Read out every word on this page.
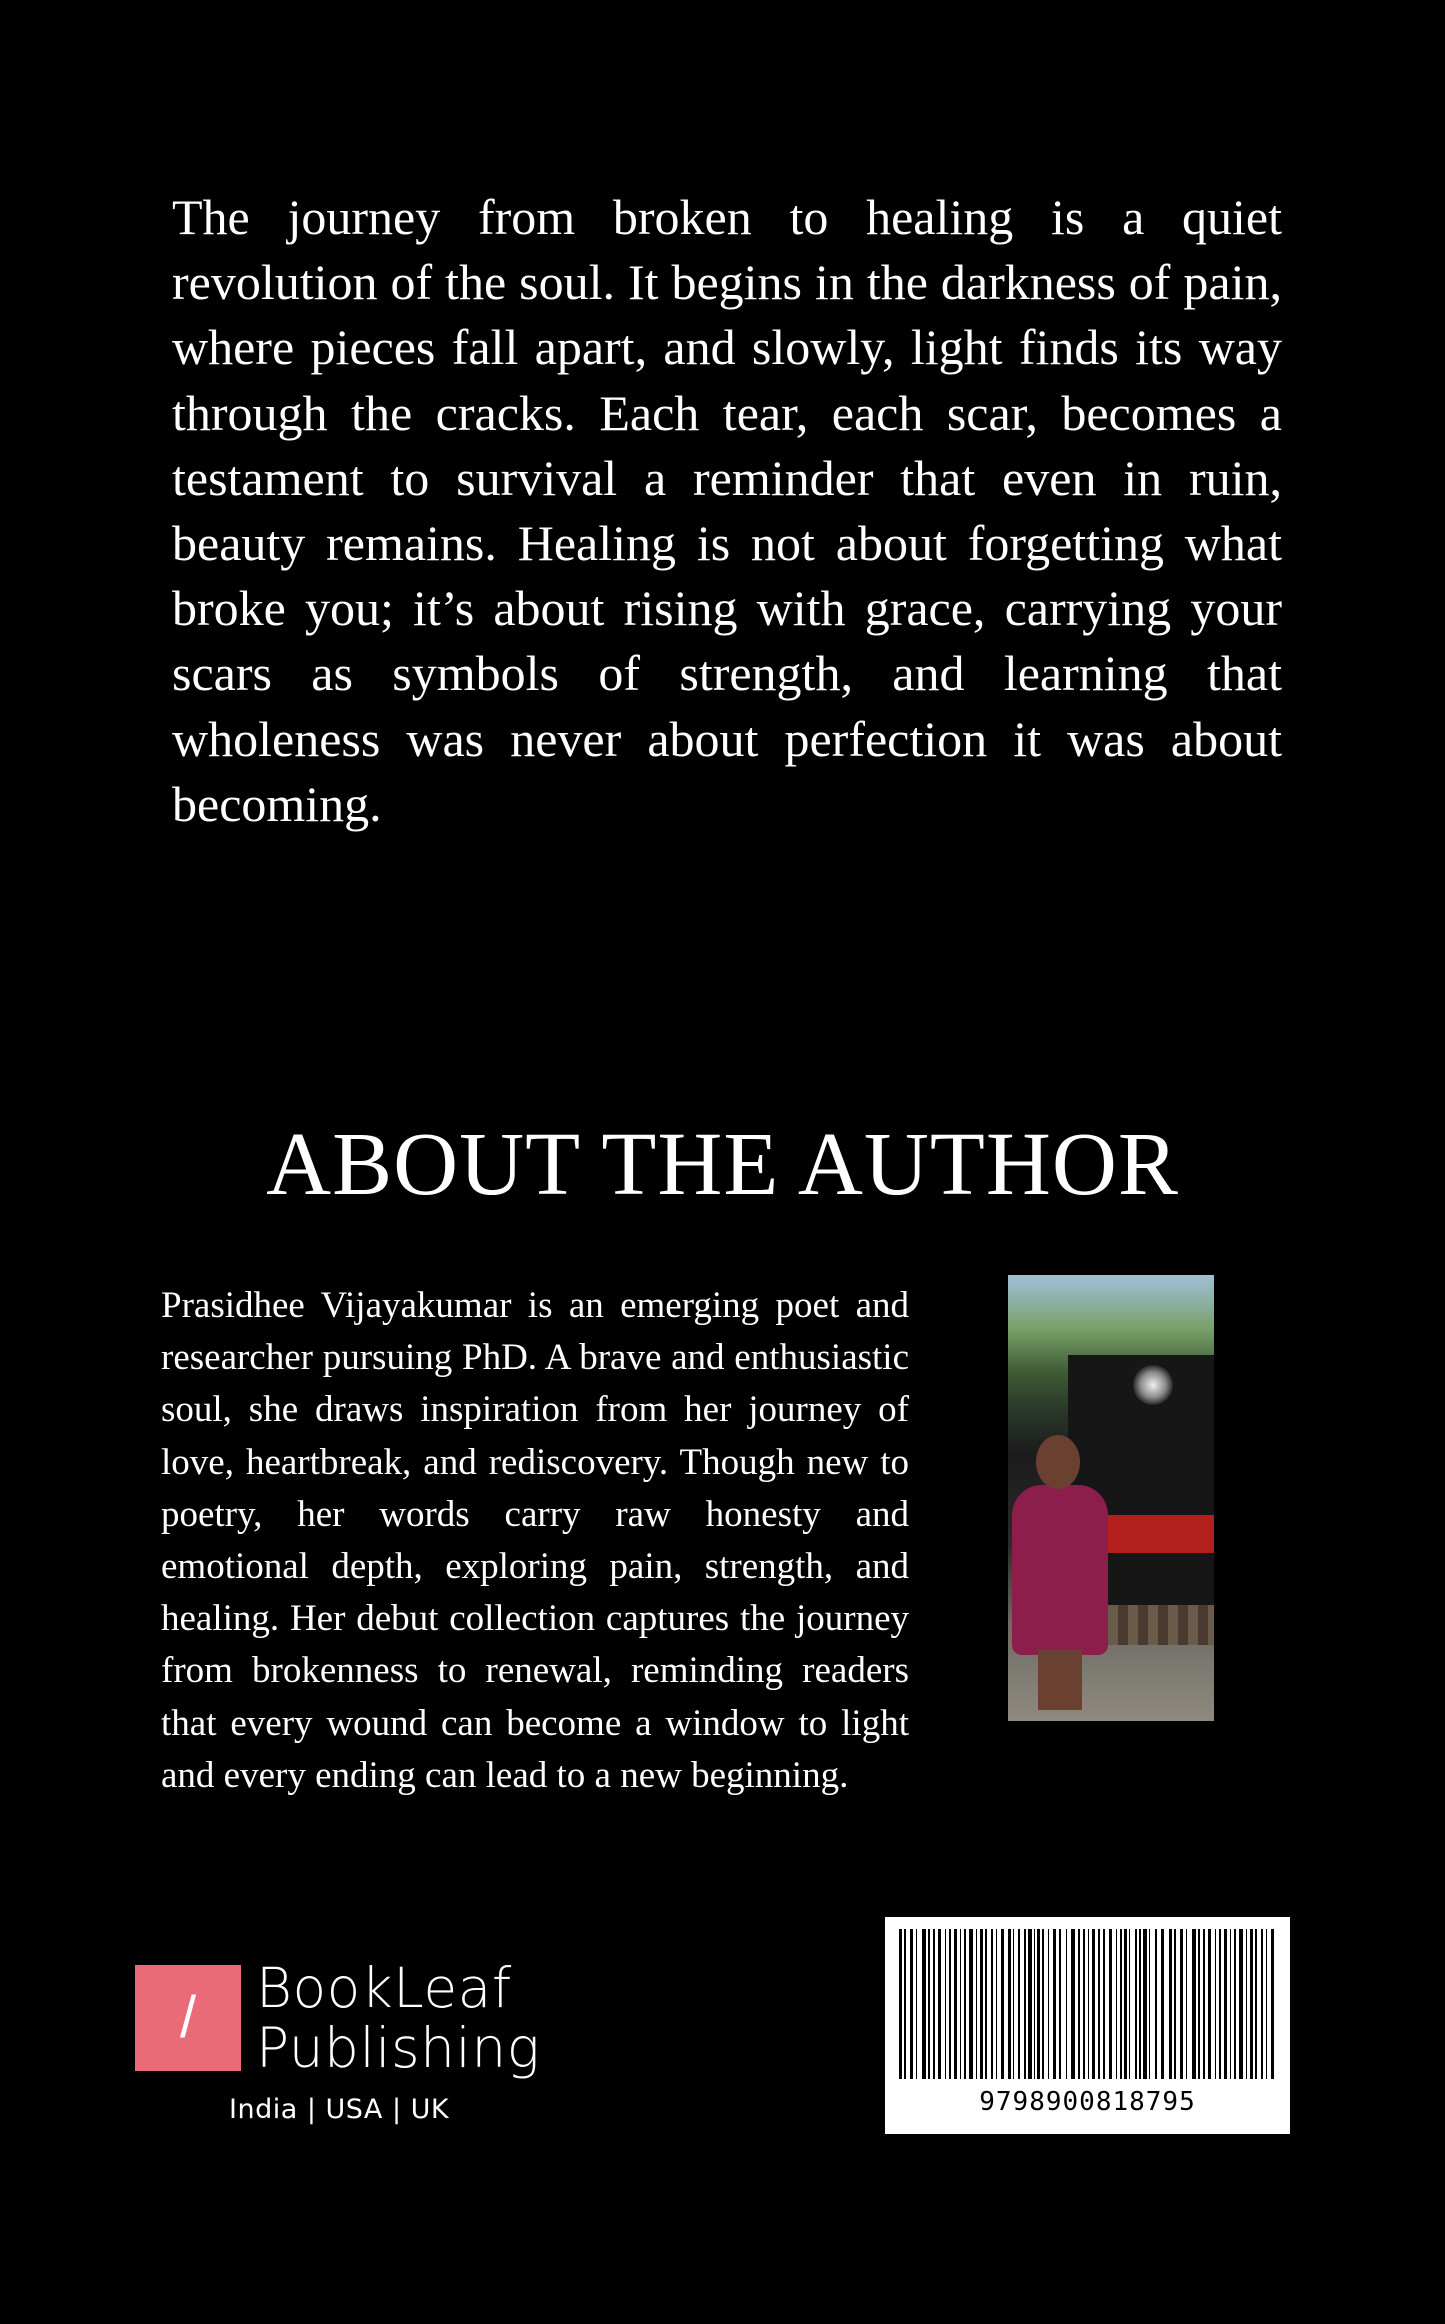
The journey from broken to healing is a quiet revolution of the soul. It begins in the darkness of pain, where pieces fall apart, and slowly, light finds its way through the cracks. Each tear, each scar, becomes a testament to survival a reminder that even in ruin, beauty remains. Healing is not about forgetting what broke you; it’s about rising with grace, carrying your scars as symbols of strength, and learning that wholeness was never about perfection it was about becoming.

ABOUT THE AUTHOR

Prasidhee Vijayakumar is an emerging poet and researcher pursuing PhD. A brave and enthusiastic soul, she draws inspiration from her journey of love, heartbreak, and rediscovery. Though new to poetry, her words carry raw honesty and emotional depth, exploring pain, strength, and healing. Her debut collection captures the journey from brokenness to renewal, reminding readers that every wound can become a window to light and every ending can lead to a new beginning.

/	BookLeaf
Publishing
India | USA | UK	9798900818795
